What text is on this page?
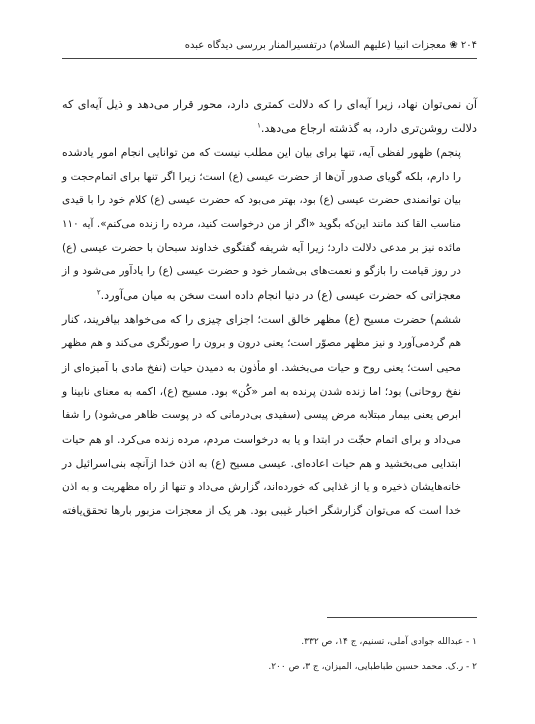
۲۰۴ ❀ معجزات انبیا (علیهم السلام) درتفسیرالمنار بررسی دیدگاه عبده

آن نمی‌توان نهاد، زیرا آیه‌ای را که دلالت کمتری دارد، محور قرار می‌دهد و ذیل آیه‌ای که
دلالت روشن‌تری دارد، به گذشته ارجاع می‌دهد.$^۱$

پنجم) ظهور لفظی آیه، تنها برای بیان این مطلب نیست که من توانایی انجام امور یادشده
را دارم، بلکه گویای صدور آن‌ها از حضرت عیسی (ع) است؛ زیرا اگر تنها برای اتمام‌حجت و
بیان توانمندی حضرت عیسی (ع) بود، بهتر می‌بود که حضرت عیسی (ع) کلام خود را با قیدی
مناسب القا کند مانند این‌که بگوید «اگر از من درخواست کنید، مرده را زنده می‌کنم». آیه ۱۱۰
مائده نیز بر مدعی دلالت دارد؛ زیرا آیه شریفه گفتگوی خداوند سبحان با حضرت عیسی (ع)
در روز قیامت را بازگو و نعمت‌های بی‌شمار خود و حضرت عیسی (ع) را یادآور می‌شود و از
معجزاتی که حضرت عیسی (ع) در دنیا انجام داده است سخن به میان می‌آورد.$^۲$

ششم) حضرت مسیح (ع) مظهر خالق است؛ اجزای چیزی را که می‌خواهد بیافریند، کنار
هم گردمی‌آورد و نیز مظهر مصوّر است؛ یعنی درون و برون را صورتگری می‌کند و هم مظهر
محیی است؛ یعنی روح و حیات می‌بخشد. او مأذون به دمیدن حیات (نفخ مادی با آمیزه‌ای از
نفخ روحانی) بود؛ اما زنده شدن پرنده به امر «کُن» بود. مسیح (ع)، اکمه به معنای نابینا و
ابرص یعنی بیمار مبتلابه مرض پیسی (سفیدی بی‌درمانی که در پوست ظاهر می‌شود) را شفا
می‌داد و برای اتمام حجّت در ابتدا و یا به درخواست مردم، مرده زنده می‌کرد. او هم حیات
ابتدایی می‌بخشید و هم حیات اعاده‌ای. عیسی مسیح (ع) به اذن خدا ازآنچه بنی‌اسرائیل در
خانه‌هایشان ذخیره و یا از غذایی که خورده‌اند، گزارش می‌داد و تنها از راه مظهریت و به اذن
خدا است که می‌توان گزارشگر اخبار غیبی بود. هر یک از معجزات مزبور بارها تحقق‌یافته

۱ - عبدالله جوادی آملی، تسنیم، ج ۱۴، ص ۳۳۲.
۲ - ر.ک. محمد حسین طباطبایی، المیزان، ج ۳، ص ۲۰۰.
